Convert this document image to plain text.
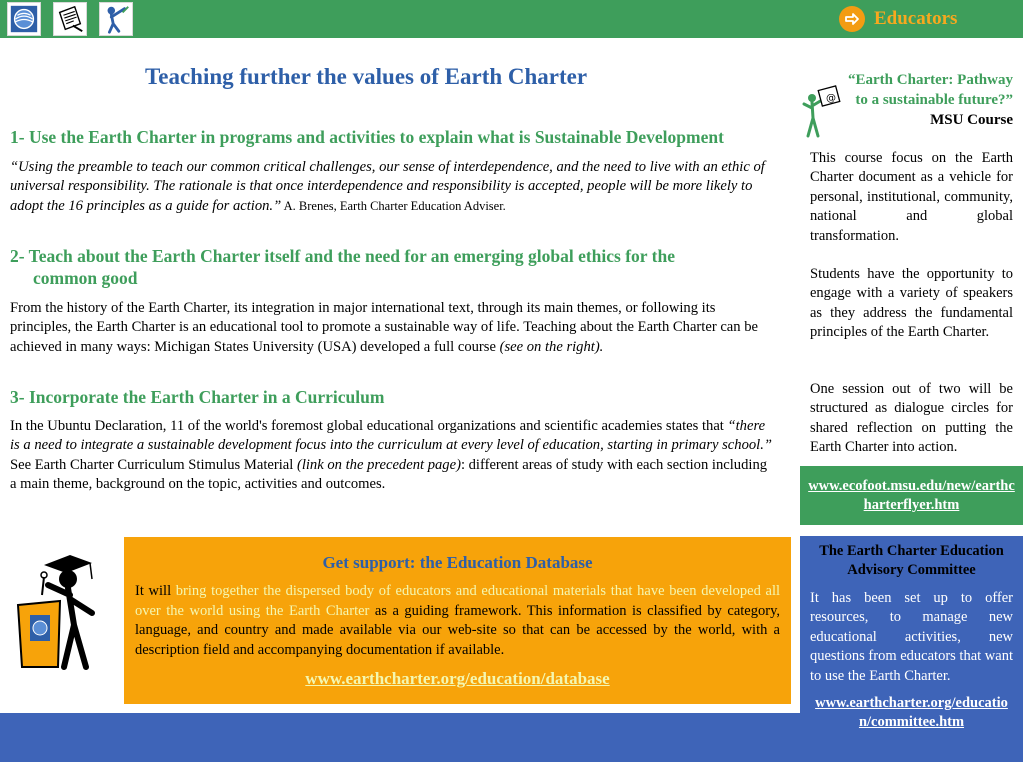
Educators
Teaching further the values of Earth Charter
1- Use the Earth Charter in programs and activities to explain what is Sustainable Development
“Using the preamble to teach our common critical challenges, our sense of interdependence, and the need to live with an ethic of universal responsibility. The rationale is that once interdependence and responsibility is accepted, people will be more likely to adopt the 16 principles as a guide for action.” A. Brenes, Earth Charter Education Adviser.
2- Teach about the Earth Charter itself and the need for an emerging global ethics for the
common good
From the history of the Earth Charter, its integration in major international text, through its main themes, or following its principles, the Earth Charter is an educational tool to promote a sustainable way of life. Teaching about the Earth Charter can be achieved in many ways: Michigan States University (USA) developed a full course (see on the right).
3- Incorporate the Earth Charter in a Curriculum
In the Ubuntu Declaration, 11 of the world's foremost global educational organizations and scientific academies states that “there is a need to integrate a sustainable development focus into the curriculum at every level of education, starting in primary school.” See Earth Charter Curriculum Stimulus Material (link on the precedent page): different areas of study with each section including a main theme, background on the topic, activities and outcomes.
@
“Earth Charter: Pathway to a sustainable future?”
MSU Course
This course focus on the Earth Charter document as a vehicle for personal, institutional, community, national and global transformation.
Students have the opportunity to engage with a variety of speakers as they address the fundamental principles of the Earth Charter.
One session out of two will be structured as dialogue circles for shared reflection on putting the Earth Charter into action.
www.ecofoot.msu.edu/new/earthcharterflyer.htm
Get support: the Education Database
It will bring together the dispersed body of educators and educational materials that have been developed all over the world using the Earth Charter as a guiding framework. This information is classified by category, language, and country and made available via our web-site so that can be accessed by the world, with a description field and accompanying documentation if available.
www.earthcharter.org/education/database
The Earth Charter Education Advisory Committee
It has been set up to offer resources, to manage new educational activities, new questions from educators that want to use the Earth Charter.
www.earthcharter.org/education/committee.htm
